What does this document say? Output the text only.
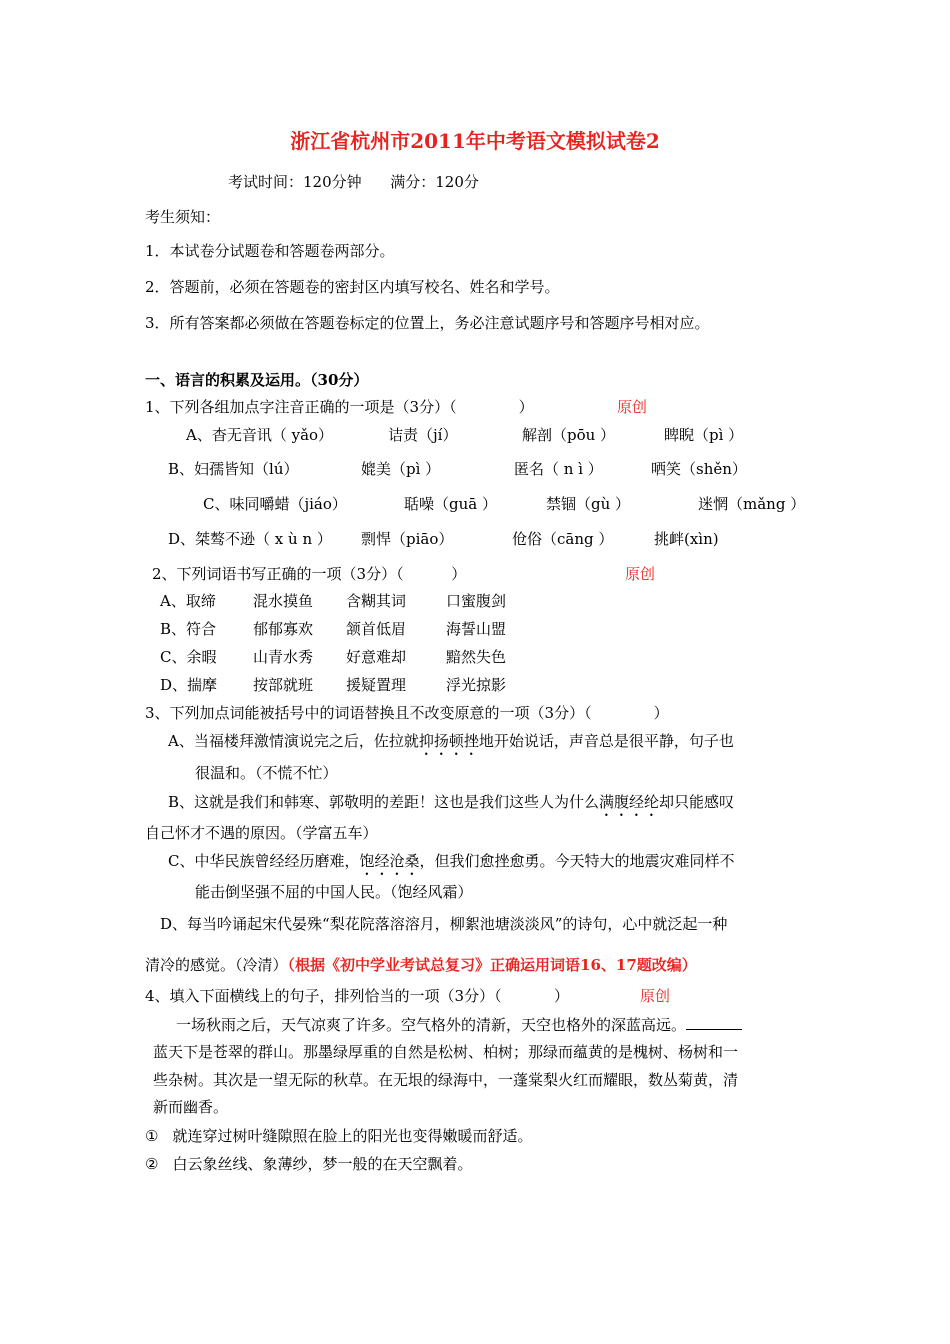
浙江省杭州市2011年中考语文模拟试卷2
考试时间：120分钟      满分：120分
考生须知：
1．本试卷分试题卷和答题卷两部分。
2．答题前，必须在答题卷的密封区内填写校名、姓名和学号。
3．所有答案都必须做在答题卷标定的位置上，务必注意试题序号和答题序号相对应。
一、语言的积累及运用。（30分）
1、下列各组加点字注音正确的一项是（3分）（             ）	原创
A、杳无音讯（ yǎo）	诘责（jí）	解剖（pōu ）	睥睨（pì ）
B、妇孺皆知（lú）	媲美（pì ）	匿名（ n ì ）	哂笑（shěn）
C、味同嚼蜡（jiáo）	聒噪（guā ）	禁锢（gù ）	迷惘（mǎng ）
D、桀骜不逊（ x ù n ） 剽悍（piāo）	伧俗（cāng ）	挑衅(xìn)
2、下列词语书写正确的一项（3分）（          ）	原创
A、取缔 混水摸鱼 含糊其词	口蜜腹剑
B、符合 郁郁寡欢 颔首低眉	海誓山盟
C、余暇 山青水秀 好意难却	黯然失色
D、揣摩 按部就班 援疑置理	浮光掠影
3、下列加点词能被括号中的词语替换且不改变原意的一项（3分）（             ）
A、当福楼拜激情演说完之后，佐拉就抑扬顿挫地开始说话，声音总是很平静，句子也
很温和。（不慌不忙）
B、这就是我们和韩寒、郭敬明的差距！这也是我们这些人为什么满腹经纶却只能感叹
自己怀才不遇的原因。（学富五车）
C、中华民族曾经经历磨难，饱经沧桑，但我们愈挫愈勇。今天特大的地震灾难同样不
能击倒坚强不屈的中国人民。（饱经风霜）
D、每当吟诵起宋代晏殊“梨花院落溶溶月，柳絮池塘淡淡风”的诗句，心中就泛起一种
清冷的感觉。（冷清）（根据《初中学业考试总复习》正确运用词语16、17题改编）
4、填入下面横线上的句子，排列恰当的一项（3分）（           ）	原创
一场秋雨之后，天气凉爽了许多。空气格外的清新，天空也格外的深蓝高远。
蓝天下是苍翠的群山。那墨绿厚重的自然是松树、柏树；那绿而蕴黄的是槐树、杨树和一
些杂树。其次是一望无际的秋草。在无垠的绿海中，一蓬棠梨火红而耀眼，数丛菊黄，清
新而幽香。
① 就连穿过树叶缝隙照在脸上的阳光也变得嫩暖而舒适。
② 白云象丝线、象薄纱，梦一般的在天空飘着。
